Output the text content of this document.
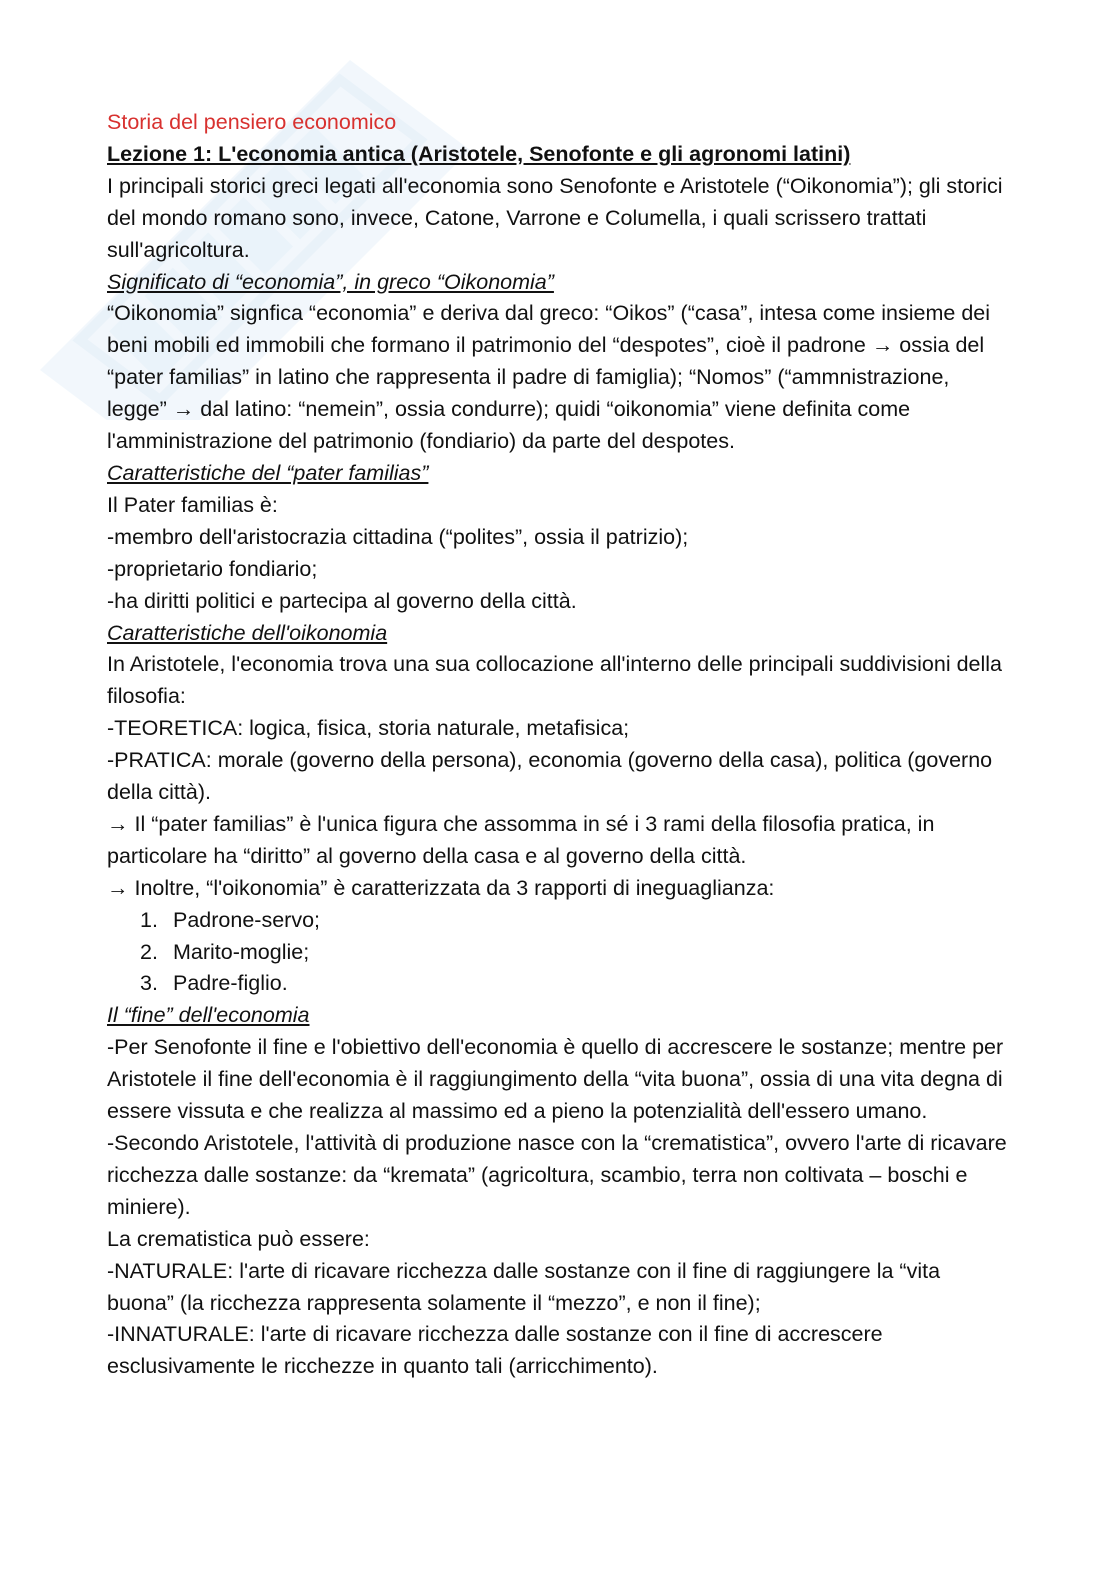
Storia del pensiero economico

Lezione 1: L'economia antica (Aristotele, Senofonte e gli agronomi latini)

I principali storici greci legati all'economia sono Senofonte e Aristotele (“Oikonomia”); gli storici del mondo romano sono, invece, Catone, Varrone e Columella, i quali scrissero trattati sull'agricoltura.

Significato di “economia”, in greco “Oikonomia”

“Oikonomia” signfica “economia” e deriva dal greco: “Oikos” (“casa”, intesa come insieme dei beni mobili ed immobili che formano il patrimonio del “despotes”, cioè il padrone → ossia del “pater familias” in latino che rappresenta il padre di famiglia); “Nomos” (“ammnistrazione, legge” → dal latino: “nemein”, ossia condurre); quidi “oikonomia” viene definita come l'amministrazione del patrimonio (fondiario) da parte del despotes.

Caratteristiche del “pater familias”

Il Pater familias è:

-membro dell'aristocrazia cittadina (“polites”, ossia il patrizio);

-proprietario fondiario;

-ha diritti politici e partecipa al governo della città.

Caratteristiche dell'oikonomia

In Aristotele, l'economia trova una sua collocazione all'interno delle principali suddivisioni della filosofia:

-TEORETICA: logica, fisica, storia naturale, metafisica;

-PRATICA: morale (governo della persona), economia (governo della casa), politica (governo della città).

→ Il “pater familias” è l'unica figura che assomma in sé i 3 rami della filosofia pratica, in particolare ha “diritto” al governo della casa e al governo della città.

→ Inoltre, “l'oikonomia” è caratterizzata da 3 rapporti di ineguaglianza:

1. Padrone-servo;
2. Marito-moglie;
3. Padre-figlio.

Il “fine” dell'economia

-Per Senofonte il fine e l'obiettivo dell'economia è quello di accrescere le sostanze; mentre per Aristotele il fine dell'economia è il raggiungimento della “vita buona”, ossia di una vita degna di essere vissuta e che realizza al massimo ed a pieno la potenzialità dell'essero umano.

-Secondo Aristotele, l'attività di produzione nasce con la “crematistica”, ovvero l'arte di ricavare ricchezza dalle sostanze: da “kremata” (agricoltura, scambio, terra non coltivata – boschi e miniere).

La crematistica può essere:

-NATURALE: l'arte di ricavare ricchezza dalle sostanze con il fine di raggiungere la “vita buona” (la ricchezza rappresenta solamente il “mezzo”, e non il fine);

-INNATURALE: l'arte di ricavare ricchezza dalle sostanze con il fine di accrescere esclusivamente le ricchezze in quanto tali (arricchimento).
